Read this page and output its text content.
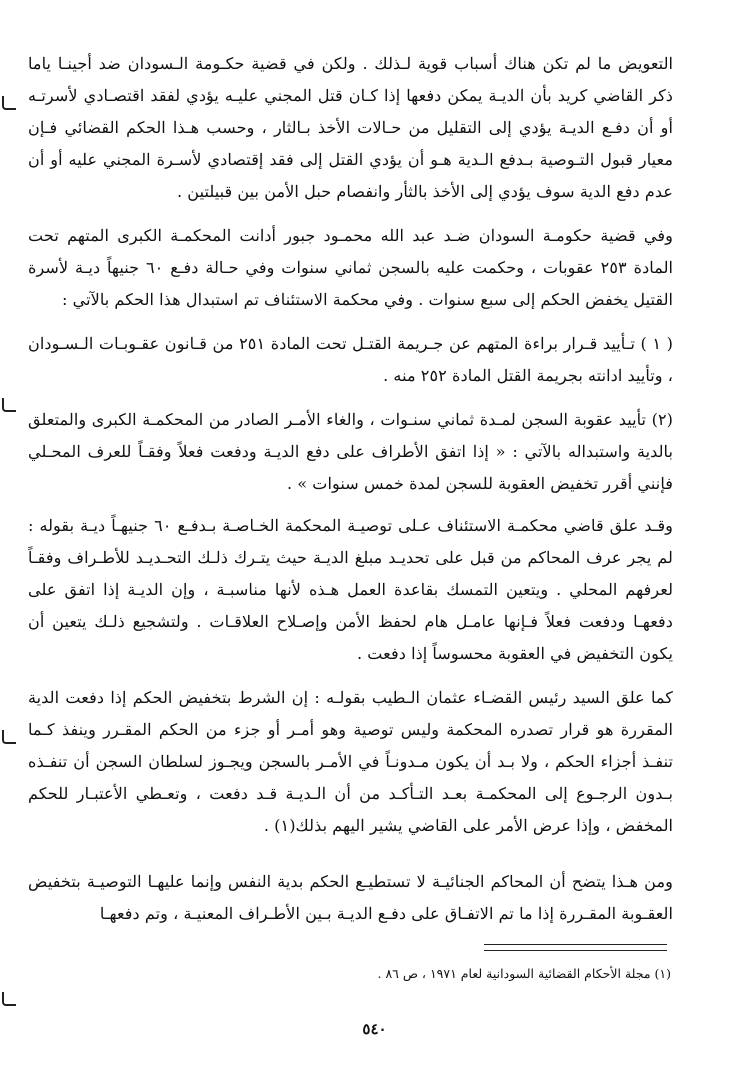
التعويض ما لم تكن هناك أسباب قوية لـذلك . ولكن في قضية حكـومة الـسودان ضد أجينـا ياما ذكر القاضي كريد بأن الديـة يمكن دفعها إذا كـان قتل المجني عليـه يؤدي لفقد اقتصـادي لأسرتـه أو أن دفـع الديـة يؤدي إلى التقليل من حـالات الأخذ بـالثار ، وحسب هـذا الحكم القضائي فـإن معيار قبول التـوصية بـدفع الـدية هـو أن يؤدي القتل إلى فقد إقتصادي لأسـرة المجني عليه أو أن عدم دفع الدية سوف يؤدي إلى الأخذ بالثأر وانفصام حبل الأمن بين قبيلتين .

وفي قضية حكومـة السودان ضـد عبد الله محمـود جبور أدانت المحكمـة الكبرى المتهم تحت المادة ٢٥٣ عقوبات ، وحكمت عليه بالسجن ثماني سنوات وفي حـالة دفـع ٦٠ جنيهاً ديـة لأسرة القتيل يخفض الحكم إلى سبع سنوات . وفي محكمة الاستئناف تم استبدال هذا الحكم بالآتي :

( ١ ) تـأييد قـرار براءة المتهم عن جـريمة القتـل تحت المادة ٢٥١ من قـانون عقـوبـات الـسـودان ، وتأييد ادانته بجريمة القتل المادة ٢٥٢ منه .

(٢) تأييد عقوبة السجن لمـدة ثماني سنـوات ، والغاء الأمـر الصادر من المحكمـة الكبرى والمتعلق بالدية واستبداله بالآتي : « إذا اتفق الأطراف على دفع الديـة ودفعت فعلاً وفقـاً للعرف المحـلي فإنني أقرر تخفيض العقوبة للسجن لمدة خمس سنوات » .

وقـد علق قاضي محكمـة الاستئناف عـلى توصيـة المحكمة الخـاصـة بـدفـع ٦٠ جنيهـاً ديـة بقوله : لم يجر عرف المحاكم من قبل على تحديـد مبلغ الديـة حيث يتـرك ذلـك التحـديـد للأطـراف وفقـاً لعرفهم المحلي . ويتعين التمسك بقاعدة العمل هـذه لأنها مناسبـة ، وإن الديـة إذا اتفق على دفعهـا ودفعت فعلاً فـإنها عامـل هام لحفظ الأمن وإصـلاح العلاقـات . ولتشجيع ذلـك يتعين أن يكون التخفيض في العقوبة محسوساً إذا دفعت .

كما علق السيد رئيس القضـاء عثمان الـطيب بقولـه : إن الشرط بتخفيض الحكم إذا دفعت الدية المقررة هو قرار تصدره المحكمة وليس توصية وهو أمـر أو جزء من الحكم المقـرر وينفذ كـما تنفـذ أجزاء الحكم ، ولا بـد أن يكون مـدونـاً في الأمـر بالسجن ويجـوز لسلطان السجن أن تنفـذه بـدون الرجـوع إلى المحكمـة بعـد التـأكـد من أن الـديـة قـد دفعت ، وتعـطي الأعتبـار للحكم المخفض ، وإذا عرض الأمر على القاضي يشير اليهم بذلك(١) .

ومن هـذا يتضح أن المحاكم الجنائيـة لا تستطيـع الحكم بدية النفس وإنما عليهـا التوصيـة بتخفيض العقـوبة المقـررة إذا ما تم الاتفـاق على دفـع الديـة بـين الأطـراف المعنيـة ، وتم دفعهـا

(١) مجلة الأحكام القضائية السودانية لعام ١٩٧١ ، ص ٨٦ .
٥٤٠
